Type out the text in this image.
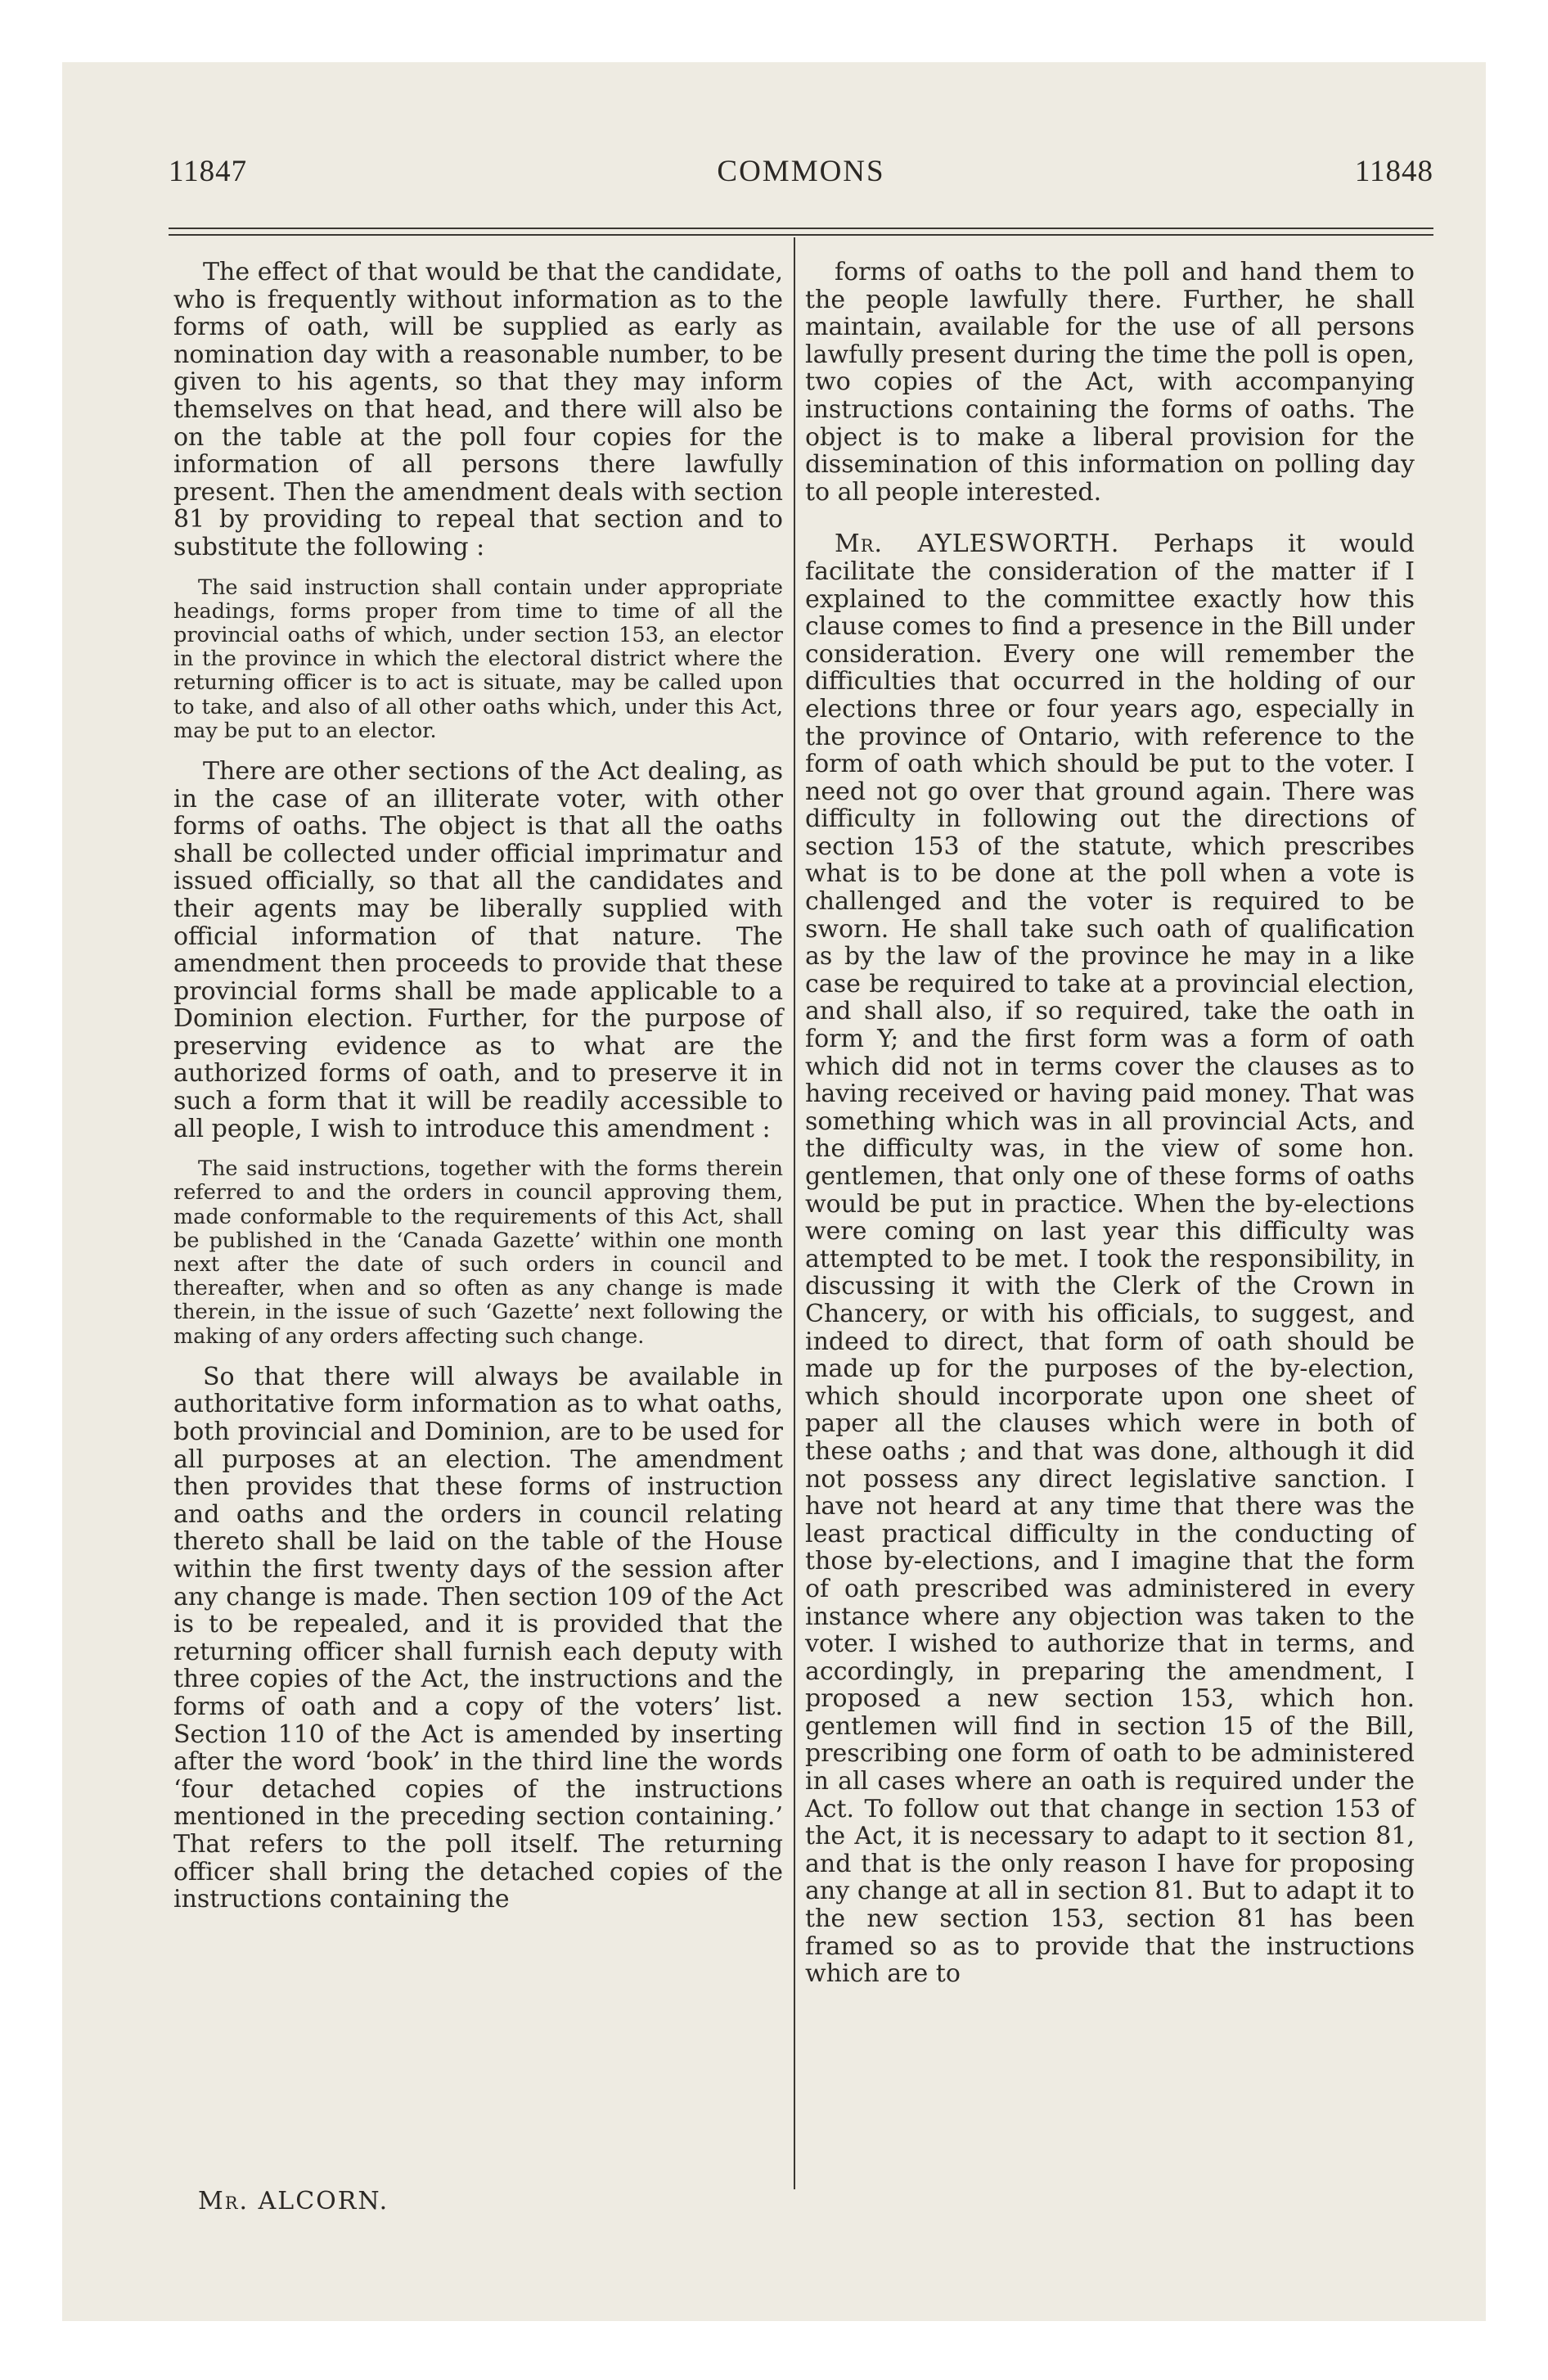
11847	COMMONS	11848

The effect of that would be that the candidate, who is frequently without information as to the forms of oath, will be supplied as early as nomination day with a reasonable number, to be given to his agents, so that they may inform themselves on that head, and there will also be on the table at the poll four copies for the information of all persons there lawfully present. Then the amendment deals with section 81 by providing to repeal that section and to substitute the following :

The said instruction shall contain under appropriate headings, forms proper from time to time of all the provincial oaths of which, under section 153, an elector in the province in which the electoral district where the returning officer is to act is situate, may be called upon to take, and also of all other oaths which, under this Act, may be put to an elector.

There are other sections of the Act dealing, as in the case of an illiterate voter, with other forms of oaths. The object is that all the oaths shall be collected under official imprimatur and issued officially, so that all the candidates and their agents may be liberally supplied with official information of that nature. The amendment then proceeds to provide that these provincial forms shall be made applicable to a Dominion election. Further, for the purpose of preserving evidence as to what are the authorized forms of oath, and to preserve it in such a form that it will be readily accessible to all people, I wish to introduce this amendment :

The said instructions, together with the forms therein referred to and the orders in council approving them, made conformable to the requirements of this Act, shall be published in the ‘Canada Gazette’ within one month next after the date of such orders in council and thereafter, when and so often as any change is made therein, in the issue of such ‘Gazette’ next following the making of any orders affecting such change.

So that there will always be available in authoritative form information as to what oaths, both provincial and Dominion, are to be used for all purposes at an election. The amendment then provides that these forms of instruction and oaths and the orders in council relating thereto shall be laid on the table of the House within the first twenty days of the session after any change is made. Then section 109 of the Act is to be repealed, and it is provided that the returning officer shall furnish each deputy with three copies of the Act, the instructions and the forms of oath and a copy of the voters’ list. Section 110 of the Act is amended by inserting after the word ‘book’ in the third line the words ‘four detached copies of the instructions mentioned in the preceding section containing.’ That refers to the poll itself. The returning officer shall bring the detached copies of the instructions containing the

forms of oaths to the poll and hand them to the people lawfully there. Further, he shall maintain, available for the use of all persons lawfully present during the time the poll is open, two copies of the Act, with accompanying instructions containing the forms of oaths. The object is to make a liberal provision for the dissemination of this information on polling day to all people interested.

Mr. AYLESWORTH. Perhaps it would facilitate the consideration of the matter if I explained to the committee exactly how this clause comes to find a presence in the Bill under consideration. Every one will remember the difficulties that occurred in the holding of our elections three or four years ago, especially in the province of Ontario, with reference to the form of oath which should be put to the voter. I need not go over that ground again. There was difficulty in following out the directions of section 153 of the statute, which prescribes what is to be done at the poll when a vote is challenged and the voter is required to be sworn. He shall take such oath of qualification as by the law of the province he may in a like case be required to take at a provincial election, and shall also, if so required, take the oath in form Y; and the first form was a form of oath which did not in terms cover the clauses as to having received or having paid money. That was something which was in all provincial Acts, and the difficulty was, in the view of some hon. gentlemen, that only one of these forms of oaths would be put in practice. When the by-elections were coming on last year this difficulty was attempted to be met. I took the responsibility, in discussing it with the Clerk of the Crown in Chancery, or with his officials, to suggest, and indeed to direct, that form of oath should be made up for the purposes of the by-election, which should incorporate upon one sheet of paper all the clauses which were in both of these oaths ; and that was done, although it did not possess any direct legislative sanction. I have not heard at any time that there was the least practical difficulty in the conducting of those by-elections, and I imagine that the form of oath prescribed was administered in every instance where any objection was taken to the voter. I wished to authorize that in terms, and accordingly, in preparing the amendment, I proposed a new section 153, which hon. gentlemen will find in section 15 of the Bill, prescribing one form of oath to be administered in all cases where an oath is required under the Act. To follow out that change in section 153 of the Act, it is necessary to adapt to it section 81, and that is the only reason I have for proposing any change at all in section 81. But to adapt it to the new section 153, section 81 has been framed so as to provide that the instructions which are to

Mr. ALCORN.
